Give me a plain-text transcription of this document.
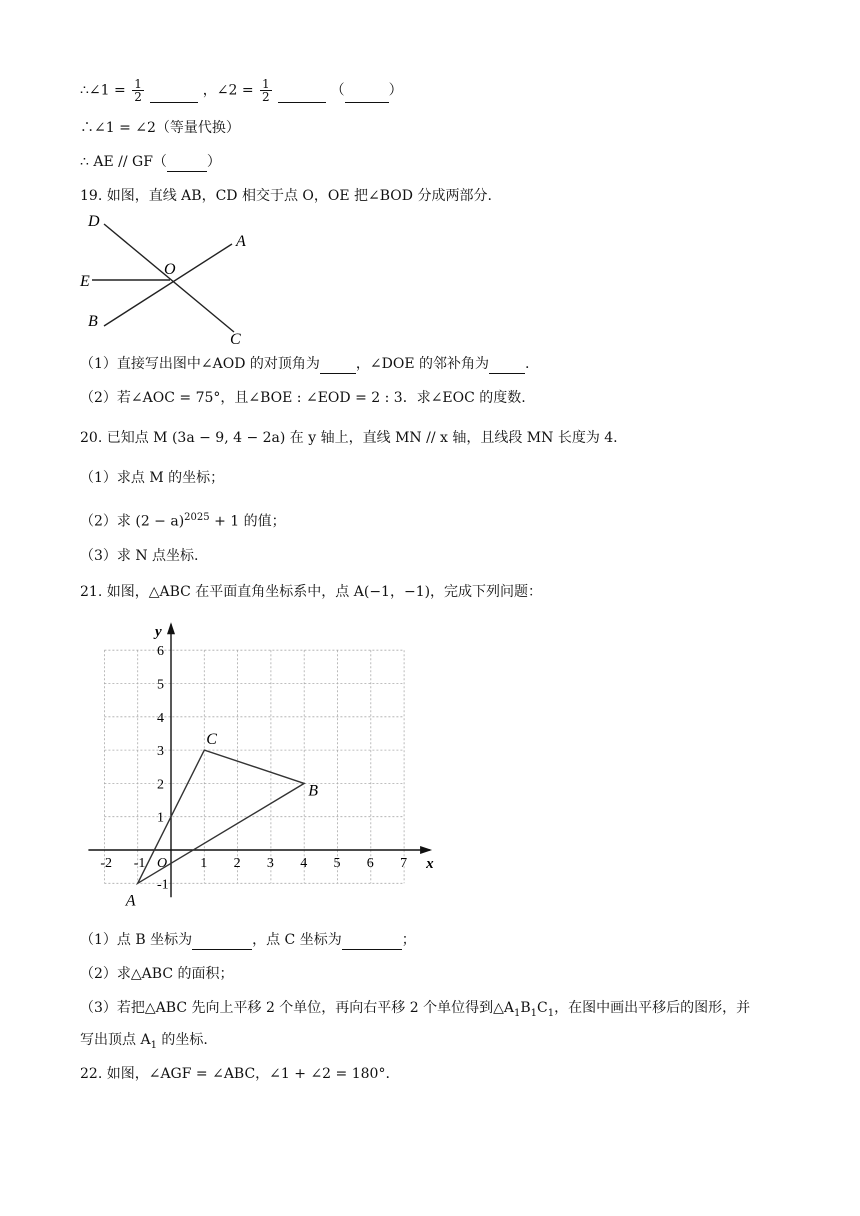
∴∠1 = $\frac{1}{2}$	，∠2 = $\frac{1}{2}$	（	）
∴∠1 = ∠2（等量代换）
∴ AE // GF（	）
19. 如图，直线 AB，CD 相交于点 O，OE 把∠BOD 分成两部分.
D
A
O
E
B
C
（1）直接写出图中∠AOD 的对顶角为	，∠DOE 的邻补角为	.
（2）若∠AOC = 75°，且∠BOE : ∠EOD = 2 : 3．求∠EOC 的度数.
20. 已知点 M (3a − 9, 4 − 2a) 在 y 轴上，直线 MN // x 轴，且线段 MN 长度为 4.
（1）求点 M 的坐标；
（2）求 $(2 - a)^{2025} + 1$ 的值；
（3）求 N 点坐标.
21. 如图，△ABC 在平面直角坐标系中，点 A(−1，−1)，完成下列问题：
x
y
-2 -1 O 1 2 3 4 5 6 7
-1
1
2
3
4
5
6
A
B
C
（1）点 B 坐标为	，点 C 坐标为	；
（2）求△ABC 的面积；
（3）若把△ABC 先向上平移 2 个单位，再向右平移 2 个单位得到$\triangle A_1B_1C_1$，在图中画出平移后的图形，并
写出顶点 $A_1$ 的坐标.
22. 如图，∠AGF = ∠ABC，∠1 + ∠2 = 180°.
